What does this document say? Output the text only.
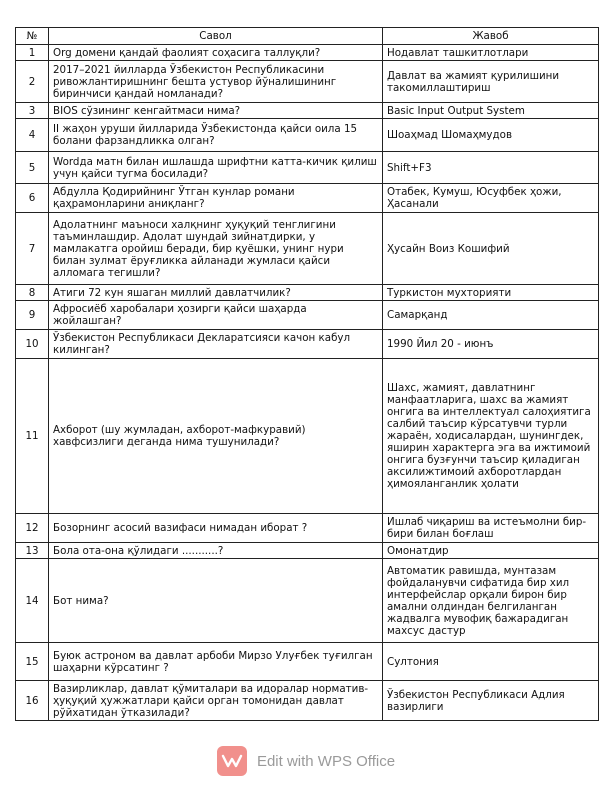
№	Савол	Жавоб
1	Org домени қандай фаолият соҳасига таллуқли?	Нодавлат ташкитлотлари
2	2017–2021 йилларда Ўзбекистон Республикасини ривожлантиришнинг бешта устувор йўналишининг биринчиси қандай номланади?	Давлат ва жамият қурилишини такомиллаштириш
3	BIOS сўзининг кенгайтмаси нима?	Basic Input Output System
4	II жаҳон уруши йилларида Ўзбекистонда қайси оила 15 болани фарзандликка олган?	Шоаҳмад Шомаҳмудов
5	Wordда матн билан ишлашда шрифтни катта-кичик қилиш учун қайси тугма босилади?	Shift+F3
6	Абдулла Қодирийнинг Ўтган кунлар романи қаҳрамонларини аниқланг?	Отабек, Кумуш, Юсуфбек ҳожи, Ҳасанали
7	Адолатнинг маъноси халқнинг ҳуқуқий тенглигини таъминлашдир. Адолат шундай зийнатдирки, у мамлакатга оройиш беради, бир қуёшки, унинг нури билан зулмат ёруғликка айланади жумласи қайси алломага тегишли?	Ҳусайн Воиз Кошифий
8	Атиги 72 кун яшаган миллий давлатчилик?	Туркистон мухторияти
9	Афросиёб харобалари ҳозирги қайси шаҳарда жойлашган?	Самарқанд
10	Ўзбекистон Республикаси Декларатсияси качон кабул килинган?	1990 Йил 20 - июнъ
11	Ахборот (шу жумладан, ахборот-мафкуравий) хавфсизлиги деганда нима тушунилади?	Шахс, жамият, давлатнинг манфаатларига, шахс ва жамият онгига ва интеллектуал салоҳиятига салбий таъсир кўрсатувчи турли жараён, ходисалардан, шунингдек, яширин характерга эга ва ижтимоий онгига бузғунчи таъсир қиладиган аксилижтимоий ахборотлардан ҳимояланганлик ҳолати
12	Бозорнинг асосий вазифаси нимадан иборат ?	Ишлаб чиқариш ва истеъмолни бир-бири билан боғлаш
13	Бола ота-она қўлидаги ...........?	Омонатдир
14	Бот нима?	Автоматик равишда, мунтазам фойдаланувчи сифатида бир хил интерфейслар орқали бирон бир амални олдиндан белгиланган жадвалга мувофиқ бажарадиган махсус дастур
15	Буюк астроном ва давлат арбоби Мирзо Улуғбек туғилган шаҳарни кўрсатинг ?	Султония
16	Вазирликлар, давлат қўмиталари ва идоралар норматив-ҳуқуқий ҳужжатлари қайси орган томонидан давлат рўйхатидан ўтказилади?	Ўзбекистон Республикаси Адлия вазирлиги
Edit with WPS Office
